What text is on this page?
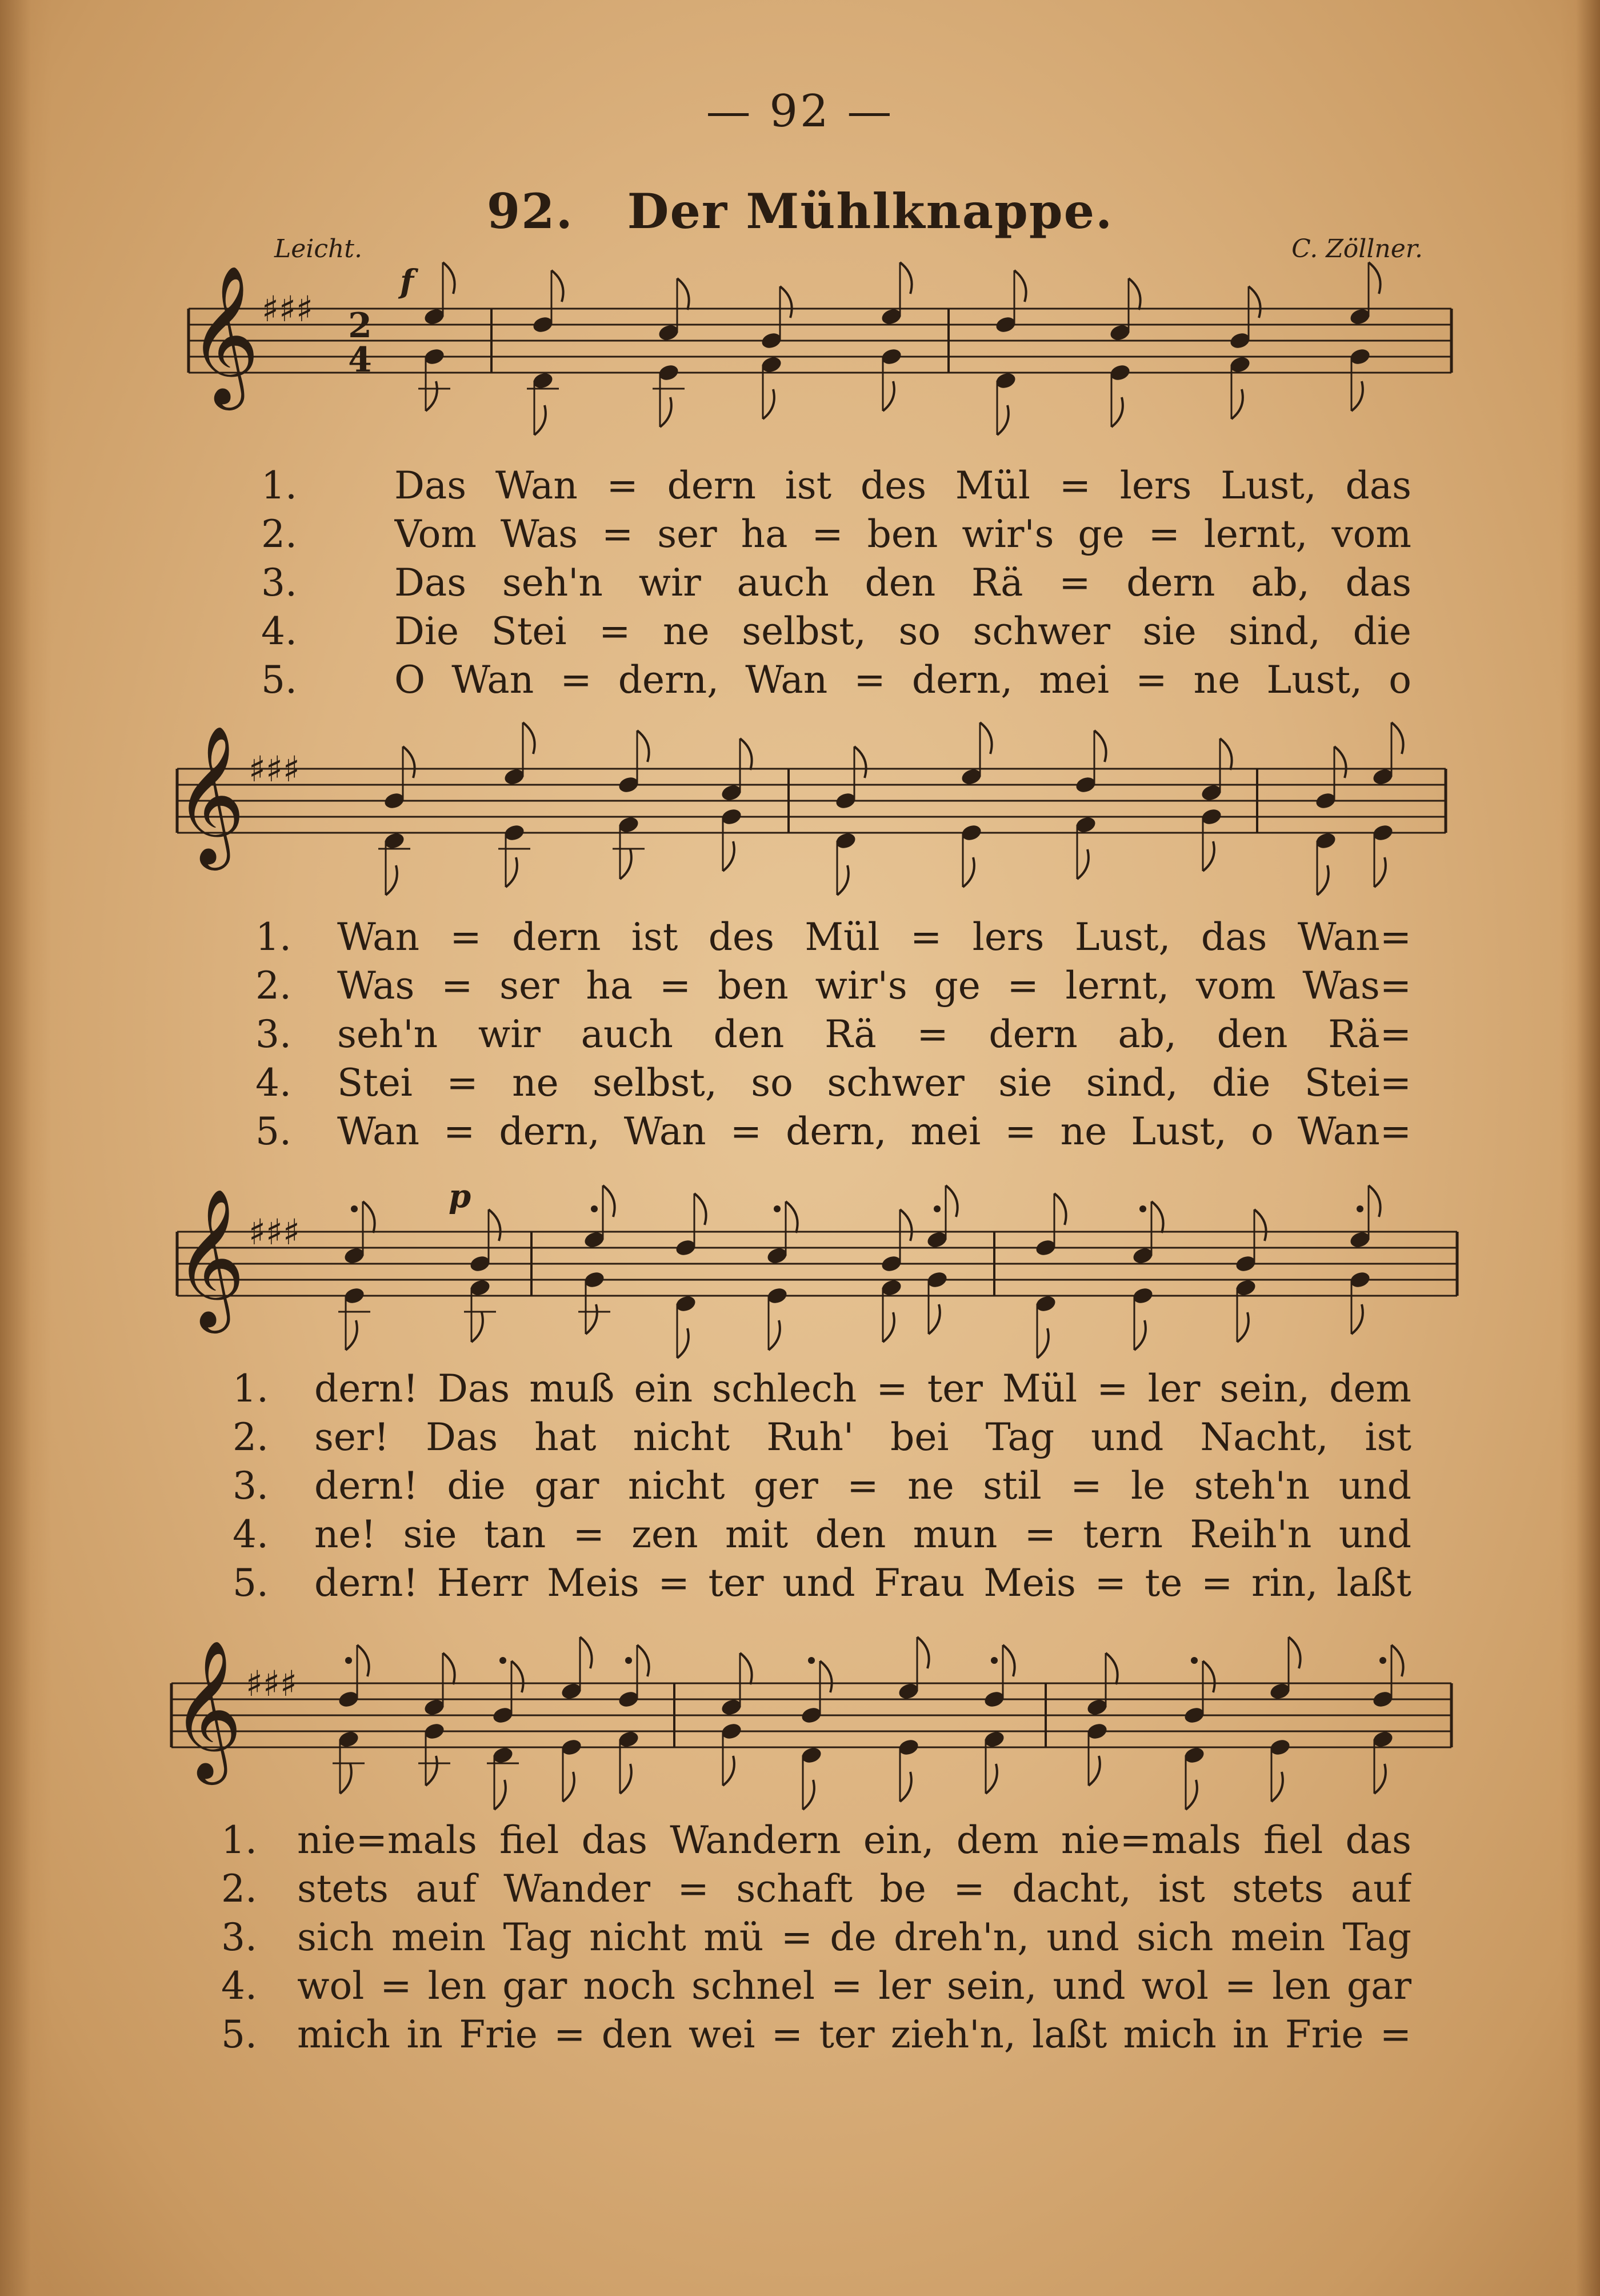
— 92 —
92. Der Mühlknappe.
Leicht.	C. Zöllner.
f
p
𝄞 ♯♯♯ 2
4
𝄞 ♯♯♯
𝄞 ♯♯♯
𝄞 ♯♯♯
1.	Das Wan = dern ist des Mül = lers Lust, das
2.	Vom Was = ser ha = ben wir's ge = lernt, vom
3.	Das seh'n wir auch den Rä = dern ab, das
4.	Die Stei = ne selbst, so schwer sie sind, die
5.	O Wan = dern, Wan = dern, mei = ne Lust, o
1. Wan = dern ist des Mül = lers Lust, das Wan=
2. Was = ser ha = ben wir's ge = lernt, vom Was=
3. seh'n wir auch den Rä = dern ab, den Rä=
4. Stei = ne selbst, so schwer sie sind, die Stei=
5. Wan = dern, Wan = dern, mei = ne Lust, o Wan=
1. dern! Das muß ein schlech = ter Mül = ler sein, dem
2. ser! Das hat nicht Ruh' bei Tag und Nacht, ist
3. dern! die gar nicht ger = ne stil = le steh'n und
4. ne! sie tan = zen mit den mun = tern Reih'n und
5. dern! Herr Meis = ter und Frau Meis = te = rin, laßt
1. nie=mals fiel das Wandern ein, dem nie=mals fiel das
2. stets auf Wander = schaft be = dacht, ist stets auf
3. sich mein Tag nicht mü = de dreh'n, und sich mein Tag
4. wol = len gar noch schnel = ler sein, und wol = len gar
5. mich in Frie = den wei = ter zieh'n, laßt mich in Frie =
